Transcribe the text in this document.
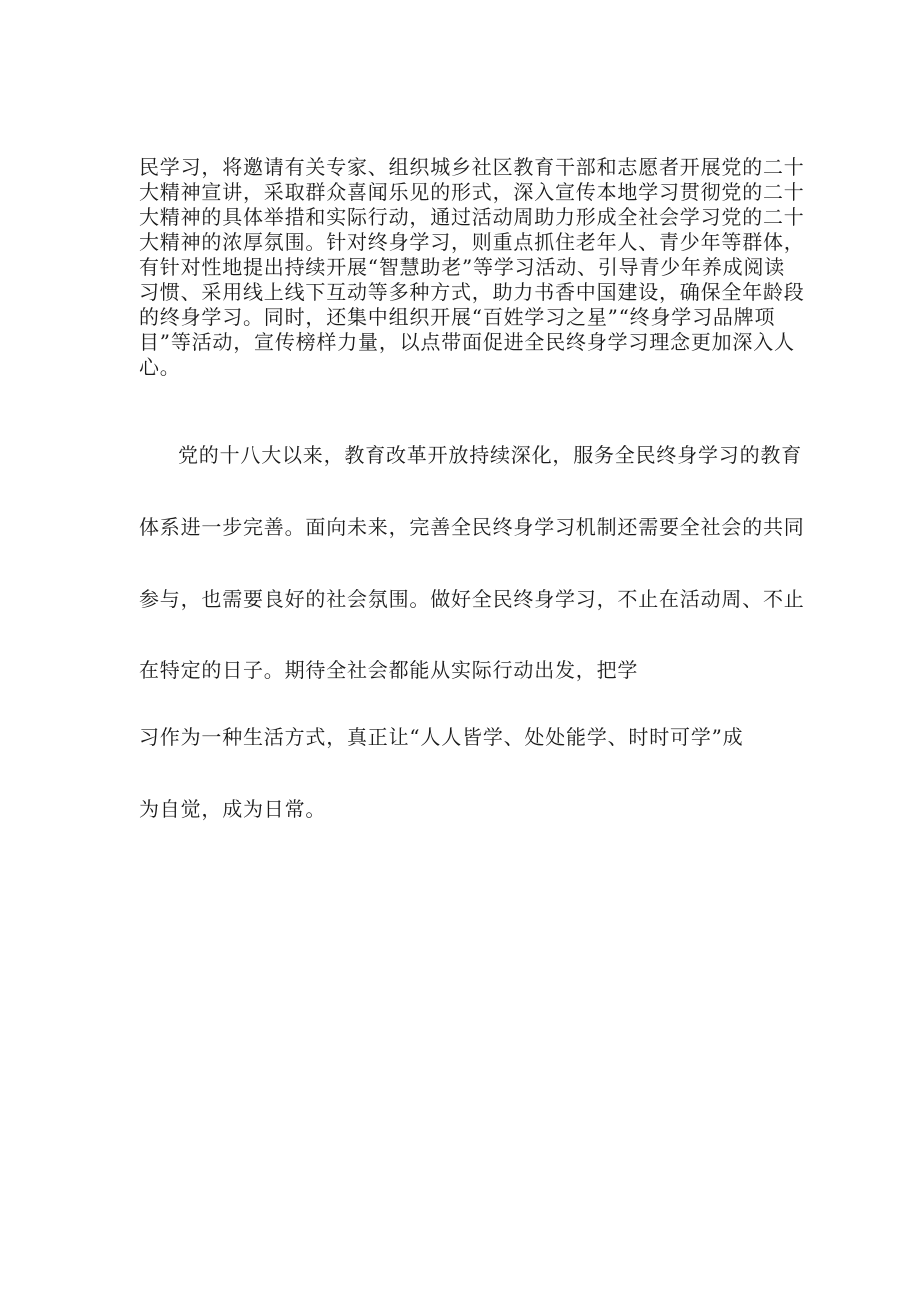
民学习，将邀请有关专家、组织城乡社区教育干部和志愿者开展党的二十
大精神宣讲，采取群众喜闻乐见的形式，深入宣传本地学习贯彻党的二十
大精神的具体举措和实际行动，通过活动周助力形成全社会学习党的二十
大精神的浓厚氛围。针对终身学习，则重点抓住老年人、青少年等群体，
有针对性地提出持续开展“智慧助老”等学习活动、引导青少年养成阅读
习惯、采用线上线下互动等多种方式，助力书香中国建设，确保全年龄段
的终身学习。同时，还集中组织开展“百姓学习之星”“终身学习品牌项
目”等活动，宣传榜样力量，以点带面促进全民终身学习理念更加深入人
心。
党的十八大以来，教育改革开放持续深化，服务全民终身学习的教育
体系进一步完善。面向未来，完善全民终身学习机制还需要全社会的共同
参与，也需要良好的社会氛围。做好全民终身学习，不止在活动周、不止
在特定的日子。期待全社会都能从实际行动出发，把学
习作为一种生活方式，真正让“人人皆学、处处能学、时时可学”成
为自觉，成为日常。
